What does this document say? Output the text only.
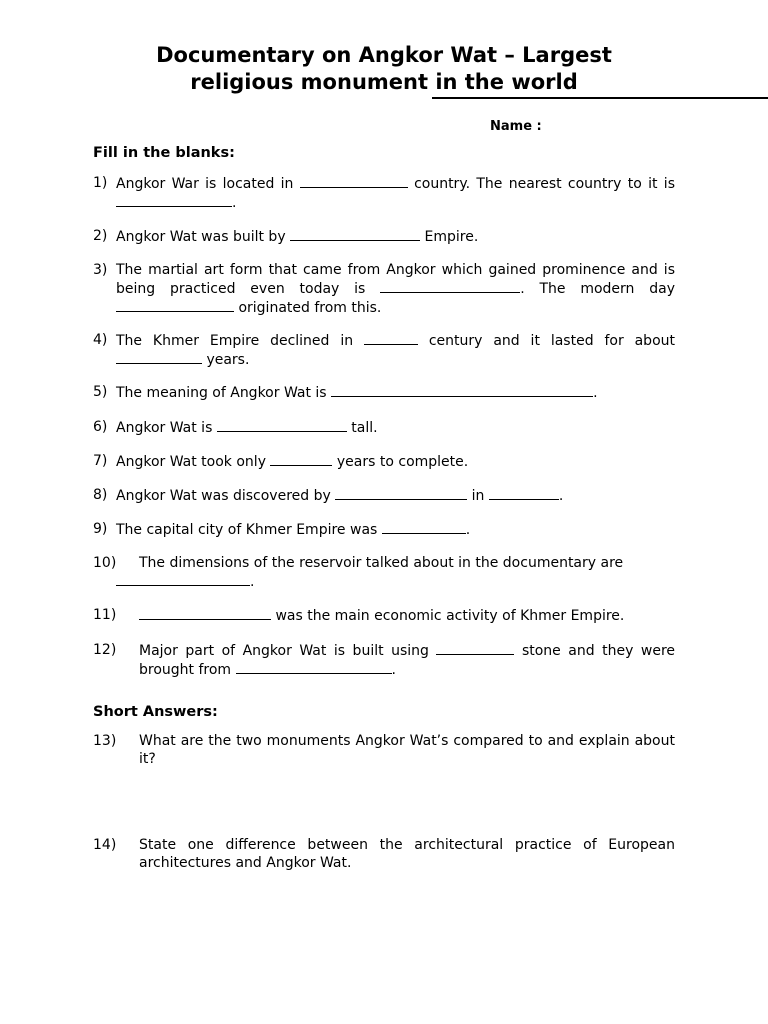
Documentary on Angkor Wat – Largest
religious monument in the world
Name :
Fill in the blanks:
1) Angkor War is located in	country. The nearest country to it is .
2) Angkor Wat was built by	Empire.
3) The martial art form that came from Angkor which gained prominence and is being practiced even today is	. The modern day  originated from this.
4) The Khmer Empire declined in	century and it lasted for about  years.
5) The meaning of Angkor Wat is	.
6) Angkor Wat is	tall.
7) Angkor Wat took only	years to complete.
8) Angkor Wat was discovered by	in	.
9) The capital city of Khmer Empire was	.
10) The dimensions of the reservoir talked about in the documentary are
.
11)	was the main economic activity of Khmer Empire.
12) Major part of Angkor Wat is built using	stone and they were brought from	.
Short Answers:
13) What are the two monuments Angkor Wat’s compared to and explain about it?
14) State one difference between the architectural practice of European architectures and Angkor Wat.
